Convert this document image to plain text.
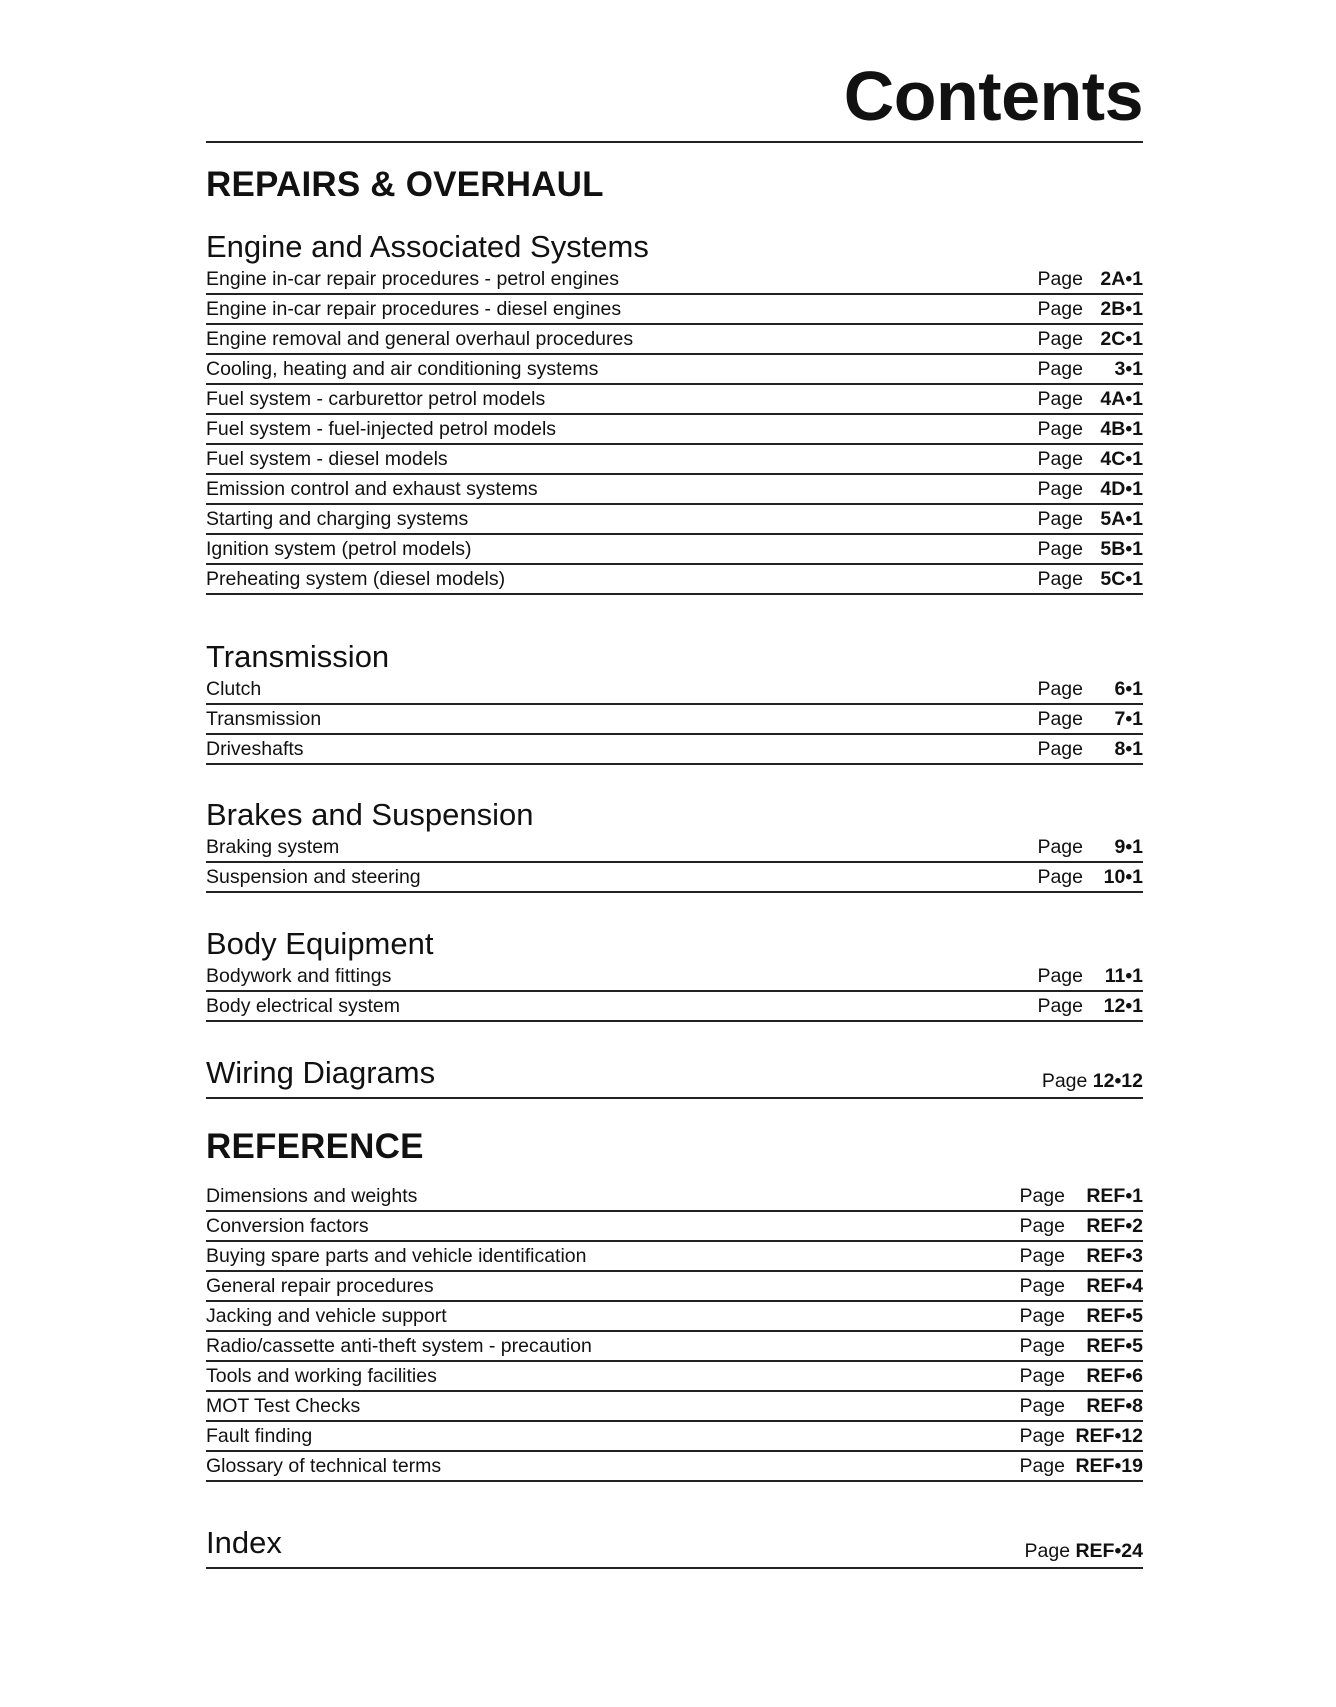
Contents
REPAIRS & OVERHAUL
Engine and Associated Systems
Engine in-car repair procedures - petrol engines	Page 2A•1
Engine in-car repair procedures - diesel engines	Page 2B•1
Engine removal and general overhaul procedures	Page 2C•1
Cooling, heating and air conditioning systems	Page 3•1
Fuel system - carburettor petrol models	Page 4A•1
Fuel system - fuel-injected petrol models	Page 4B•1
Fuel system - diesel models	Page 4C•1
Emission control and exhaust systems	Page 4D•1
Starting and charging systems	Page 5A•1
Ignition system (petrol models)	Page 5B•1
Preheating system (diesel models)	Page 5C•1
Transmission
Clutch	Page 6•1
Transmission	Page 7•1
Driveshafts	Page 8•1
Brakes and Suspension
Braking system	Page 9•1
Suspension and steering	Page 10•1
Body Equipment
Bodywork and fittings	Page 11•1
Body electrical system	Page 12•1
Wiring Diagrams	Page 12•12
REFERENCE
Dimensions and weights	Page REF•1
Conversion factors	Page REF•2
Buying spare parts and vehicle identification	Page REF•3
General repair procedures	Page REF•4
Jacking and vehicle support	Page REF•5
Radio/cassette anti-theft system - precaution	Page REF•5
Tools and working facilities	Page REF•6
MOT Test Checks	Page REF•8
Fault finding	Page REF•12
Glossary of technical terms	Page REF•19
Index	Page REF•24
